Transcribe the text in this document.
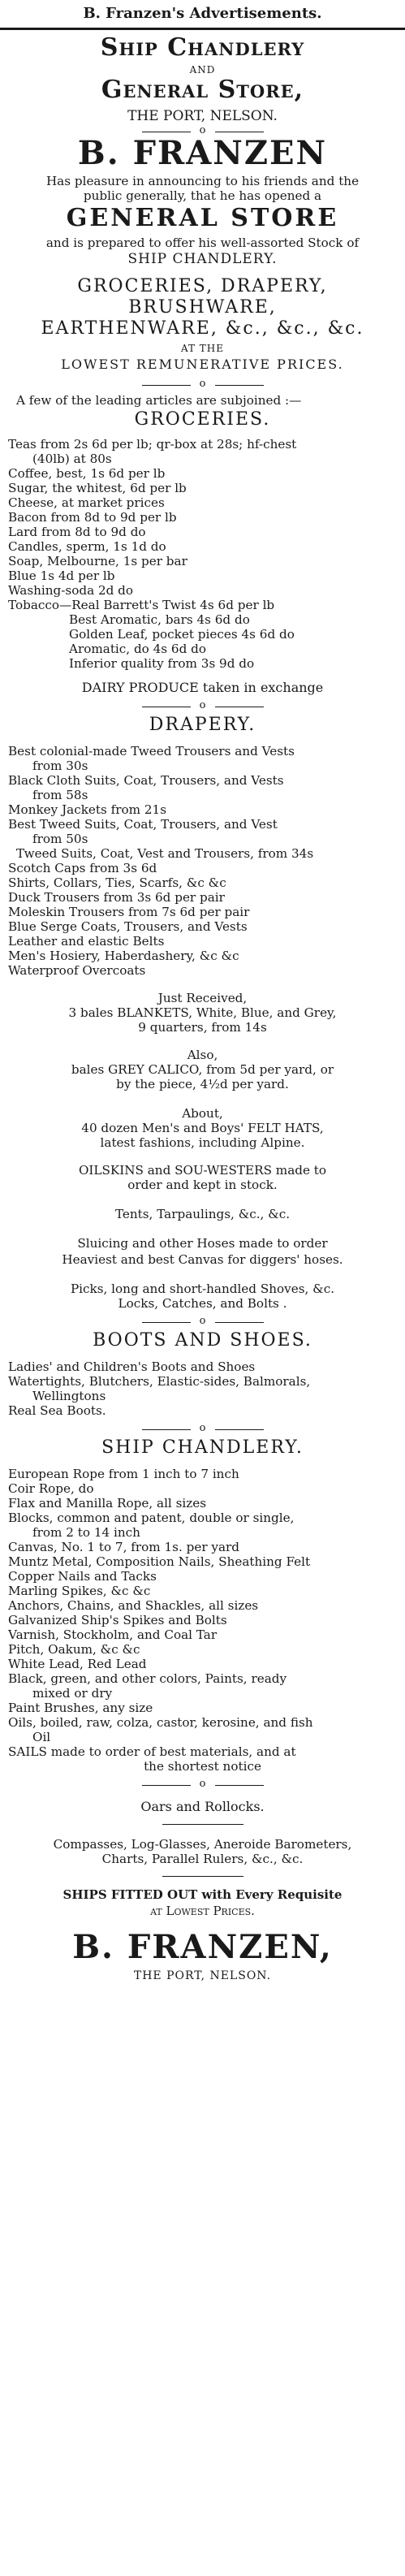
B. Franzen's Advertisements.
Ship Chandlery
AND
General Store,
THE PORT, NELSON.
o
B. FRANZEN
Has pleasure in announcing to his friends and the
public generally, that he has opened a
GENERAL STORE
and is prepared to offer his well-assorted Stock of
SHIP CHANDLERY.
GROCERIES, DRAPERY,
BRUSHWARE,
EARTHENWARE, &c., &c., &c.
AT THE
LOWEST REMUNERATIVE PRICES.
o
A few of the leading articles are subjoined :—
GROCERIES.
Teas from 2s 6d per lb; qr-box at 28s; hf-chest
(40lb) at 80s
Coffee, best, 1s 6d per lb
Sugar, the whitest, 6d per lb
Cheese, at market prices
Bacon from 8d to 9d per lb
Lard from 8d to 9d do
Candles, sperm, 1s 1d do
Soap, Melbourne, 1s per bar
Blue 1s 4d per lb
Washing-soda 2d do
Tobacco—Real Barrett's Twist 4s 6d per lb
Best Aromatic, bars 4s 6d do
Golden Leaf, pocket pieces 4s 6d do
Aromatic, do 4s 6d do
Inferior quality from 3s 9d do
DAIRY PRODUCE taken in exchange
o
DRAPERY.
Best colonial-made Tweed Trousers and Vests
from 30s
Black Cloth Suits, Coat, Trousers, and Vests
from 58s
Monkey Jackets from 21s
Best Tweed Suits, Coat, Trousers, and Vest
from 50s
Tweed Suits, Coat, Vest and Trousers, from 34s
Scotch Caps from 3s 6d
Shirts, Collars, Ties, Scarfs, &c &c
Duck Trousers from 3s 6d per pair
Moleskin Trousers from 7s 6d per pair
Blue Serge Coats, Trousers, and Vests
Leather and elastic Belts
Men's Hosiery, Haberdashery, &c &c
Waterproof Overcoats
Just Received,
3 bales BLANKETS, White, Blue, and Grey,
9 quarters, from 14s
Also,
bales GREY CALICO, from 5d per yard, or
by the piece, 4½d per yard.
About,
40 dozen Men's and Boys' FELT HATS,
latest fashions, including Alpine.
OILSKINS and SOU-WESTERS made to
order and kept in stock.
Tents, Tarpaulings, &c., &c.
Sluicing and other Hoses made to order
Heaviest and best Canvas for diggers' hoses.
Picks, long and short-handled Shoves, &c.
Locks, Catches, and Bolts .
o
BOOTS AND SHOES.
Ladies' and Children's Boots and Shoes
Watertights, Blutchers, Elastic-sides, Balmorals,
Wellingtons
Real Sea Boots.
o
SHIP CHANDLERY.
European Rope from 1 inch to 7 inch
Coir Rope, do
Flax and Manilla Rope, all sizes
Blocks, common and patent, double or single,
from 2 to 14 inch
Canvas, No. 1 to 7, from 1s. per yard
Muntz Metal, Composition Nails, Sheathing Felt
Copper Nails and Tacks
Marling Spikes, &c &c
Anchors, Chains, and Shackles, all sizes
Galvanized Ship's Spikes and Bolts
Varnish, Stockholm, and Coal Tar
Pitch, Oakum, &c &c
White Lead, Red Lead
Black, green, and other colors, Paints, ready
mixed or dry
Paint Brushes, any size
Oils, boiled, raw, colza, castor, kerosine, and fish
Oil
SAILS made to order of best materials, and at
the shortest notice
o
Oars and Rollocks.
Compasses, Log-Glasses, Aneroide Barometers,
Charts, Parallel Rulers, &c., &c.
SHIPS FITTED OUT with Every Requisite
at Lowest Prices.
B. FRANZEN,
THE PORT, NELSON.
